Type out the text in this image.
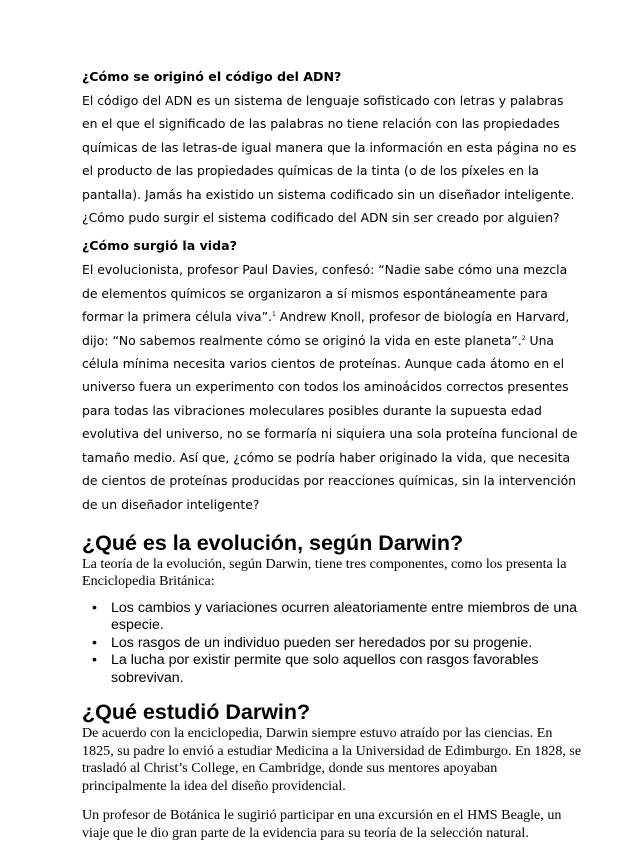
¿Cómo se originó el código del ADN?

El código del ADN es un sistema de lenguaje sofisticado con letras y palabras en el que el significado de las palabras no tiene relación con las propiedades químicas de las letras-de igual manera que la información en esta página no es el producto de las propiedades químicas de la tinta (o de los píxeles en la pantalla). Jamás ha existido un sistema codificado sin un diseñador inteligente. ¿Cómo pudo surgir el sistema codificado del ADN sin ser creado por alguien?

¿Cómo surgió la vida?

El evolucionista, profesor Paul Davies, confesó: “Nadie sabe cómo una mezcla de elementos químicos se organizaron a sí mismos espontáneamente para formar la primera célula viva”.$^1$ Andrew Knoll, profesor de biología en Harvard, dijo: “No sabemos realmente cómo se originó la vida en este planeta”.$^2$ Una célula mínima necesita varios cientos de proteínas. Aunque cada átomo en el universo fuera un experimento con todos los aminoácidos correctos presentes para todas las vibraciones moleculares posibles durante la supuesta edad evolutiva del universo, no se formaría ni siquiera una sola proteína funcional de tamaño medio. Así que, ¿cómo se podría haber originado la vida, que necesita de cientos de proteínas producidas por reacciones químicas, sin la intervención de un diseñador inteligente?

¿Qué es la evolución, según Darwin?

La teoría de la evolución, según Darwin, tiene tres componentes, como los presenta la Enciclopedia Británica:

• Los cambios y variaciones ocurren aleatoriamente entre miembros de una especie.
• Los rasgos de un individuo pueden ser heredados por su progenie.
• La lucha por existir permite que solo aquellos con rasgos favorables sobrevivan.
¿Qué estudió Darwin?

De acuerdo con la enciclopedia, Darwin siempre estuvo atraído por las ciencias. En 1825, su padre lo envió a estudiar Medicina a la Universidad de Edimburgo. En 1828, se trasladó al Christ’s College, en Cambridge, donde sus mentores apoyaban principalmente la idea del diseño providencial.

Un profesor de Botánica le sugirió participar en una excursión en el HMS Beagle, un viaje que le dio gran parte de la evidencia para su teoría de la selección natural.
